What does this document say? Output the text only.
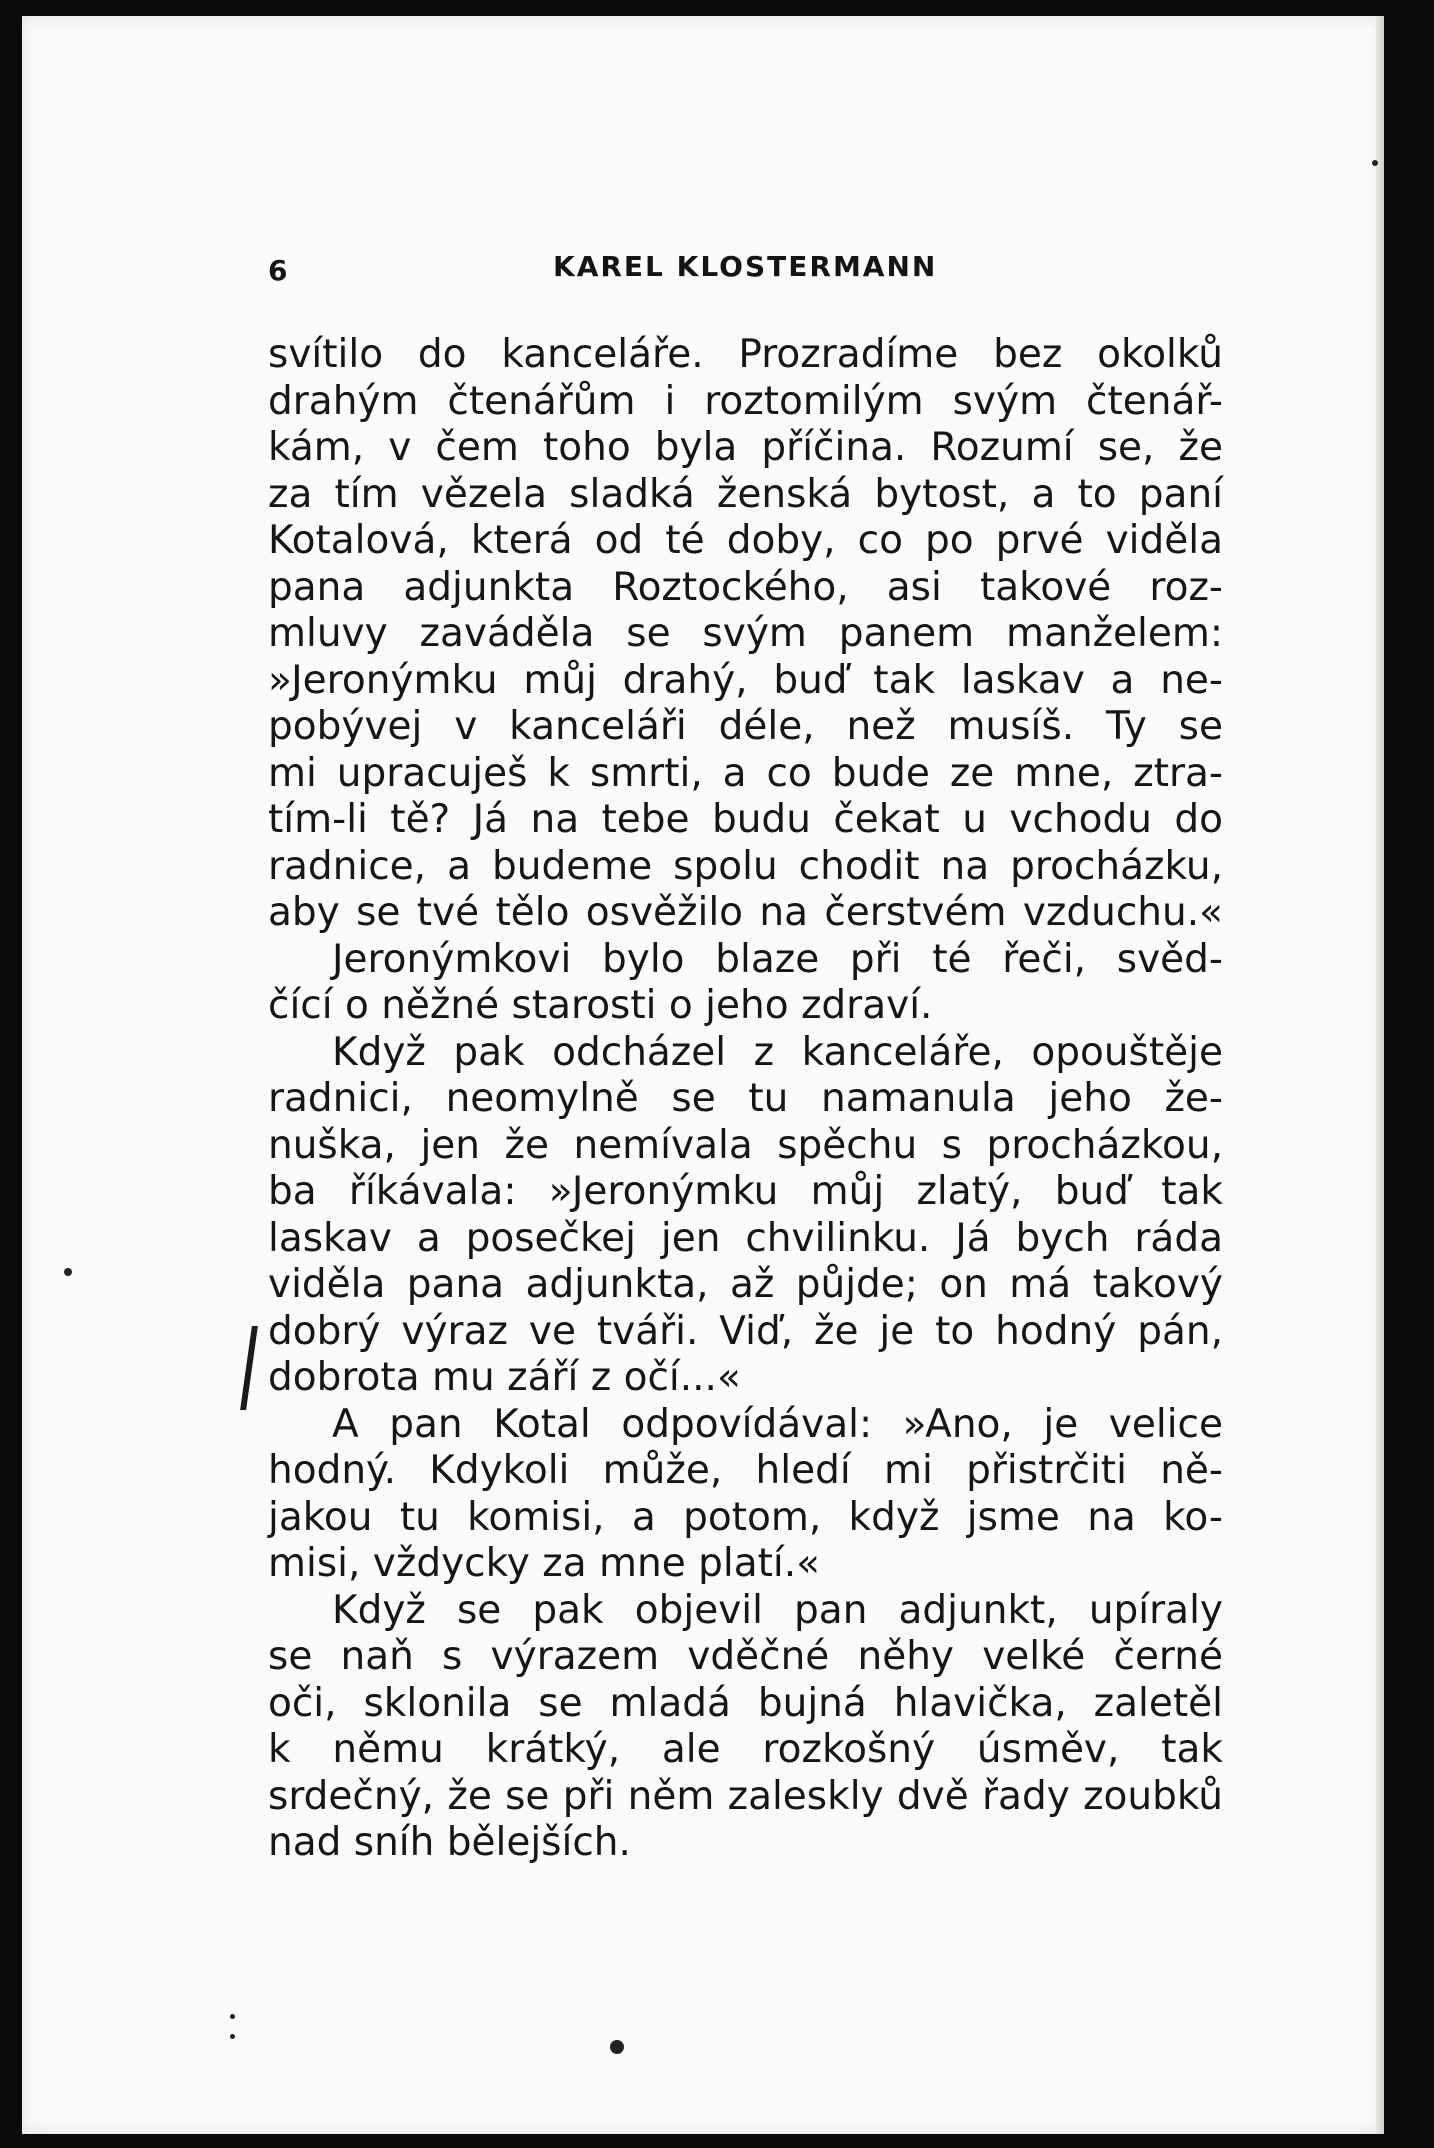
6	KAREL KLOSTERMANN
svítilo do kanceláře. Prozradíme bez okolků
drahým čtenářům i roztomilým svým čtenář-
kám, v čem toho byla příčina. Rozumí se, že
za tím vězela sladká ženská bytost, a to paní
Kotalová, která od té doby, co po prvé viděla
pana adjunkta Roztockého, asi takové roz-
mluvy zaváděla se svým panem manželem:
»Jeronýmku můj drahý, buď tak laskav a ne-
pobývej v kanceláři déle, než musíš. Ty se
mi upracuješ k smrti, a co bude ze mne, ztra-
tím-li tě? Já na tebe budu čekat u vchodu do
radnice, a budeme spolu chodit na procházku,
aby se tvé tělo osvěžilo na čerstvém vzduchu.«
Jeronýmkovi bylo blaze při té řeči, svěd-
čící o něžné starosti o jeho zdraví.
Když pak odcházel z kanceláře, opouštěje
radnici, neomylně se tu namanula jeho že-
nuška, jen že nemívala spěchu s procházkou,
ba říkávala: »Jeronýmku můj zlatý, buď tak
laskav a posečkej jen chvilinku. Já bych ráda
viděla pana adjunkta, až půjde; on má takový
dobrý výraz ve tváři. Viď, že je to hodný pán,
dobrota mu září z očí...«
A pan Kotal odpovídával: »Ano, je velice
hodný. Kdykoli může, hledí mi přistrčiti ně-
jakou tu komisi, a potom, když jsme na ko-
misi, vždycky za mne platí.«
Když se pak objevil pan adjunkt, upíraly
se naň s výrazem vděčné něhy velké černé
oči, sklonila se mladá bujná hlavička, zaletěl
k němu krátký, ale rozkošný úsměv, tak
srdečný, že se při něm zaleskly dvě řady zoubků
nad sníh bělejších.
